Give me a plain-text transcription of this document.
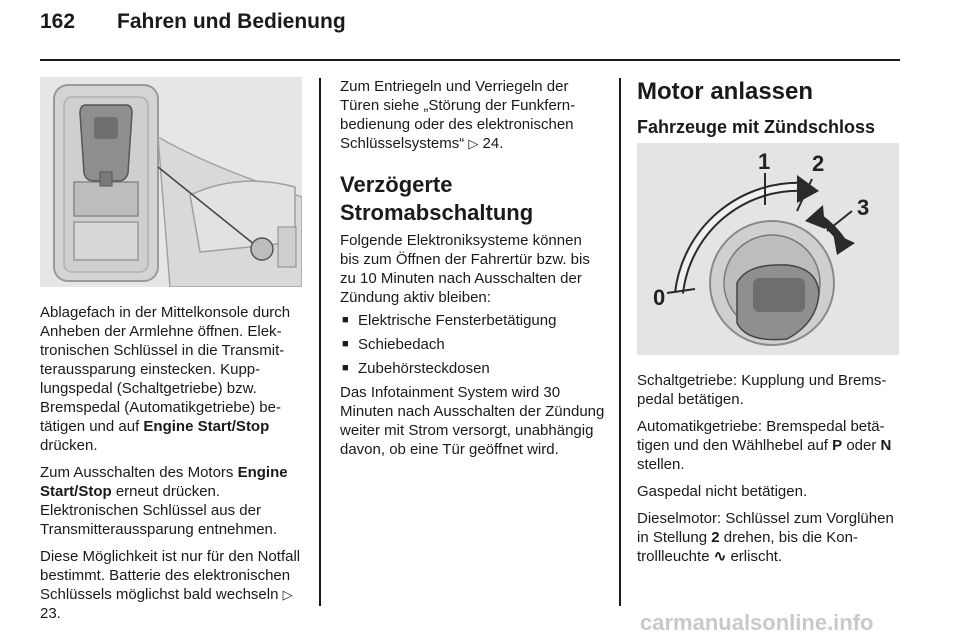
162 Fahren und Bedienung

Ablagefach in der Mittelkonsole durch Anheben der Armlehne öffnen. Elektronischen Schlüssel in die Transmitteraussparung einstecken. Kupplungspedal (Schaltgetriebe) bzw. Bremspedal (Automatikgetriebe) betätigen und auf Engine Start/Stop drücken.

Zum Ausschalten des Motors Engine Start/Stop erneut drücken. Elektronischen Schlüssel aus der Transmitteraussparung entnehmen.

Diese Möglichkeit ist nur für den Notfall bestimmt. Batterie des elektronischen Schlüssels möglichst bald wechseln ▷ 23.

Zum Entriegeln und Verriegeln der Türen siehe „Störung der Funkfernbedienung oder des elektronischen Schlüsselsystems“ ▷ 24.

Verzögerte Stromabschaltung

Folgende Elektroniksysteme können bis zum Öffnen der Fahrertür bzw. bis zu 10 Minuten nach Ausschalten der Zündung aktiv bleiben:

■ Elektrische Fensterbetätigung
■ Schiebedach
■ Zubehörsteckdosen

Das Infotainment System wird 30 Minuten nach Ausschalten der Zündung weiter mit Strom versorgt, unabhängig davon, ob eine Tür geöffnet wird.

Motor anlassen
Fahrzeuge mit Zündschloss
1 2
3
0

Schaltgetriebe: Kupplung und Bremspedal betätigen.

Automatikgetriebe: Bremspedal betätigen und den Wählhebel auf P oder N stellen.

Gaspedal nicht betätigen.

Dieselmotor: Schlüssel zum Vorglühen in Stellung 2 drehen, bis die Kontrollleuchte ∿ erlischt.

carmanualsonline.info
